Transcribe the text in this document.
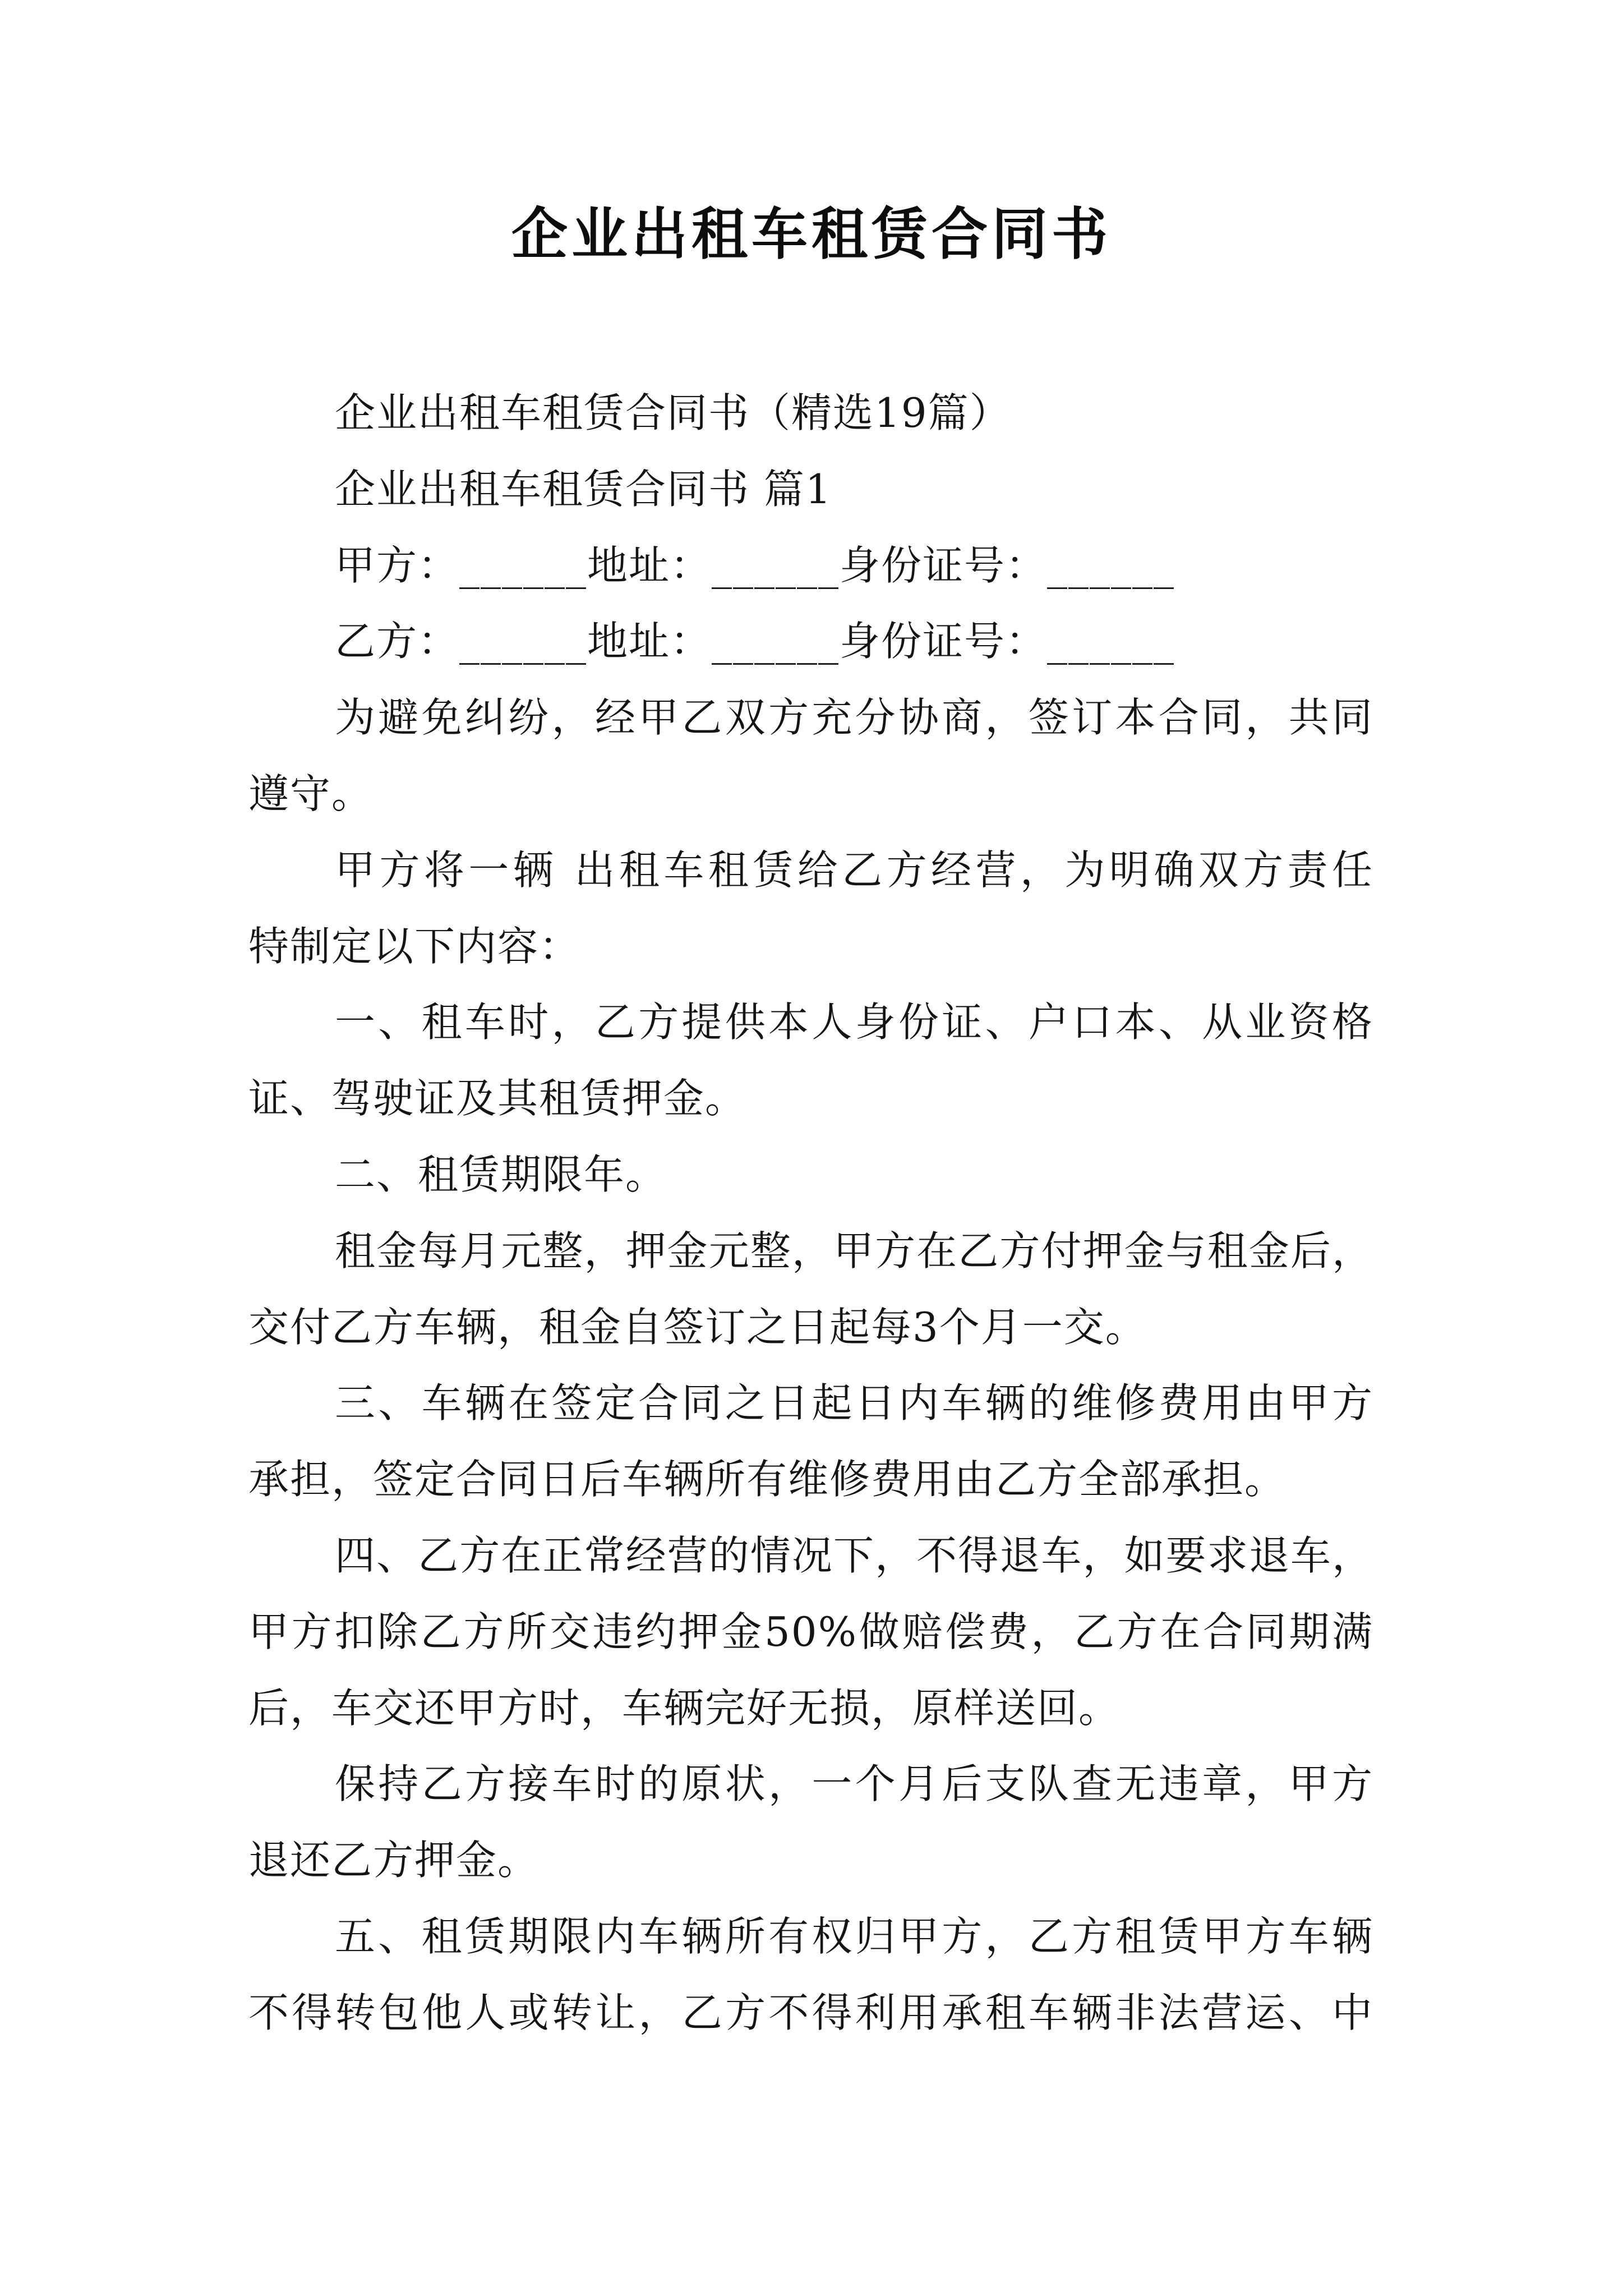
企业出租车租赁合同书
企业出租车租赁合同书（精选19篇）
企业出租车租赁合同书 篇1
甲方：______地址：______身份证号：______
乙方：______地址：______身份证号：______
为避免纠纷，经甲乙双方充分协商，签订本合同，共同
遵守。
甲方将一辆 出租车租赁给乙方经营，为明确双方责任
特制定以下内容：
一、租车时，乙方提供本人身份证、户口本、从业资格
证、驾驶证及其租赁押金。
二、租赁期限年。
租金每月元整，押金元整，甲方在乙方付押金与租金后，
交付乙方车辆，租金自签订之日起每3个月一交。
三、车辆在签定合同之日起日内车辆的维修费用由甲方
承担，签定合同日后车辆所有维修费用由乙方全部承担。
四、乙方在正常经营的情况下，不得退车，如要求退车，
甲方扣除乙方所交违约押金50%做赔偿费，乙方在合同期满
后，车交还甲方时，车辆完好无损，原样送回。
保持乙方接车时的原状，一个月后支队查无违章，甲方
退还乙方押金。
五、租赁期限内车辆所有权归甲方，乙方租赁甲方车辆
不得转包他人或转让，乙方不得利用承租车辆非法营运、中
